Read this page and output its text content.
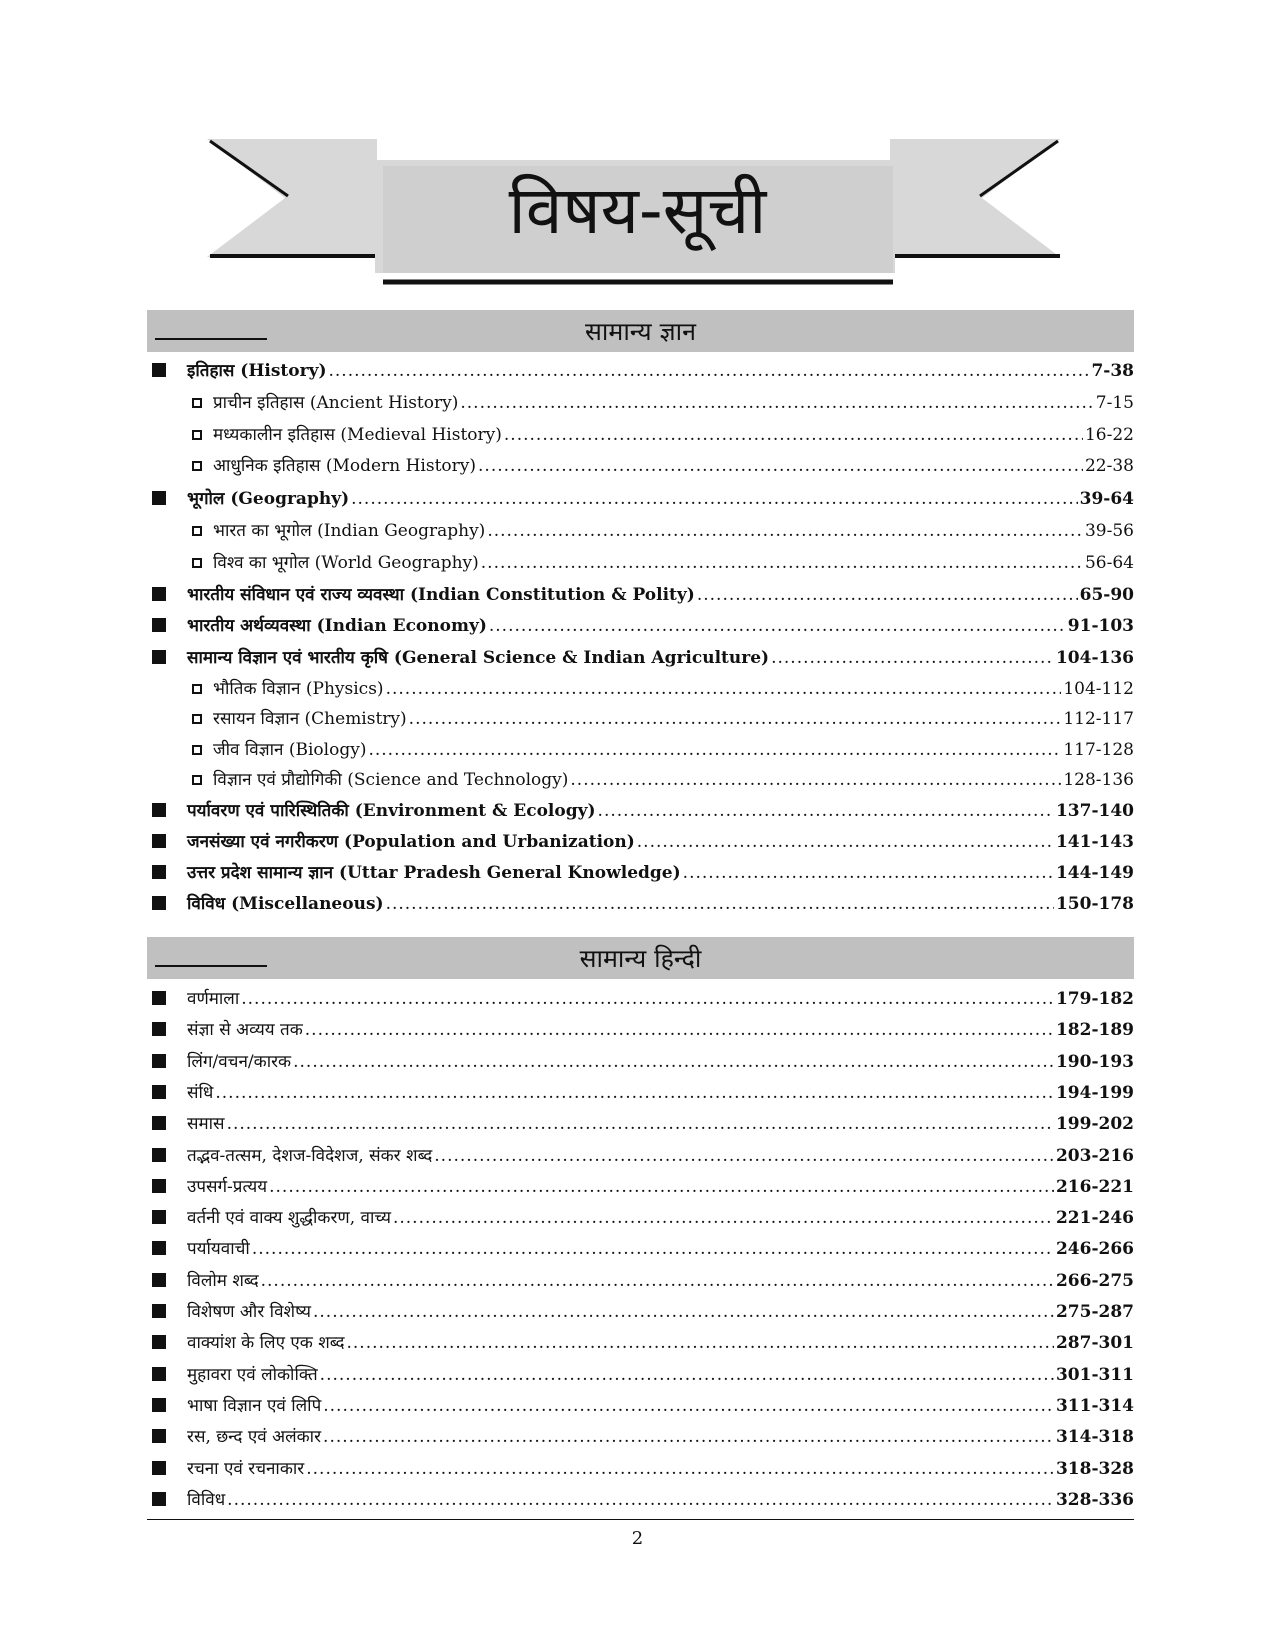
विषय-सूची
सामान्य ज्ञान
इतिहास (History) .....	7-38
प्राचीन इतिहास (Ancient History) .....	7-15
मध्यकालीन इतिहास (Medieval History) .....	16-22
आधुनिक इतिहास (Modern History) .....	22-38
भूगोल (Geography) .....	39-64
भारत का भूगोल (Indian Geography) .....	39-56
विश्व का भूगोल (World Geography) .....	56-64
भारतीय संविधान एवं राज्य व्यवस्था (Indian Constitution & Polity) .....	65-90
भारतीय अर्थव्यवस्था (Indian Economy) .....	91-103
सामान्य विज्ञान एवं भारतीय कृषि (General Science & Indian Agriculture) .....	104-136
भौतिक विज्ञान (Physics) .....	104-112
रसायन विज्ञान (Chemistry) .....	112-117
जीव विज्ञान (Biology) .....	117-128
विज्ञान एवं प्रौद्योगिकी (Science and Technology) .....	128-136
पर्यावरण एवं पारिस्थितिकी (Environment & Ecology) .....	137-140
जनसंख्या एवं नगरीकरण (Population and Urbanization) .....	141-143
उत्तर प्रदेश सामान्य ज्ञान (Uttar Pradesh General Knowledge) .....	144-149
विविध (Miscellaneous) .....	150-178
सामान्य हिन्दी
वर्णमाला .....	179-182
संज्ञा से अव्यय तक .....	182-189
लिंग/वचन/कारक .....	190-193
संधि .....	194-199
समास .....	199-202
तद्भव-तत्सम, देशज-विदेशज, संकर शब्द .....	203-216
उपसर्ग-प्रत्यय .....	216-221
वर्तनी एवं वाक्य शुद्धीकरण, वाच्य .....	221-246
पर्यायवाची .....	246-266
विलोम शब्द .....	266-275
विशेषण और विशेष्य .....	275-287
वाक्यांश के लिए एक शब्द .....	287-301
मुहावरा एवं लोकोक्ति .....	301-311
भाषा विज्ञान एवं लिपि .....	311-314
रस, छन्द एवं अलंकार .....	314-318
रचना एवं रचनाकार .....	318-328
विविध .....	328-336
2
